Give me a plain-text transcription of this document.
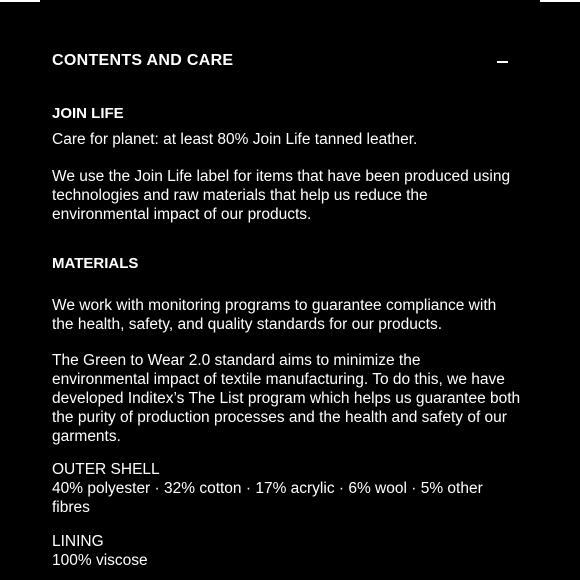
CONTENTS AND CARE
JOIN LIFE

Care for planet: at least 80% Join Life tanned leather.

We use the Join Life label for items that have been produced using technologies and raw materials that help us reduce the environmental impact of our products.

MATERIALS

We work with monitoring programs to guarantee compliance with the health, safety, and quality standards for our products.

The Green to Wear 2.0 standard aims to minimize the environmental impact of textile manufacturing. To do this, we have developed Inditex’s The List program which helps us guarantee both the purity of production processes and the health and safety of our garments.

OUTER SHELL

40% polyester · 32% cotton · 17% acrylic · 6% wool · 5% other fibres

LINING
100% viscose
